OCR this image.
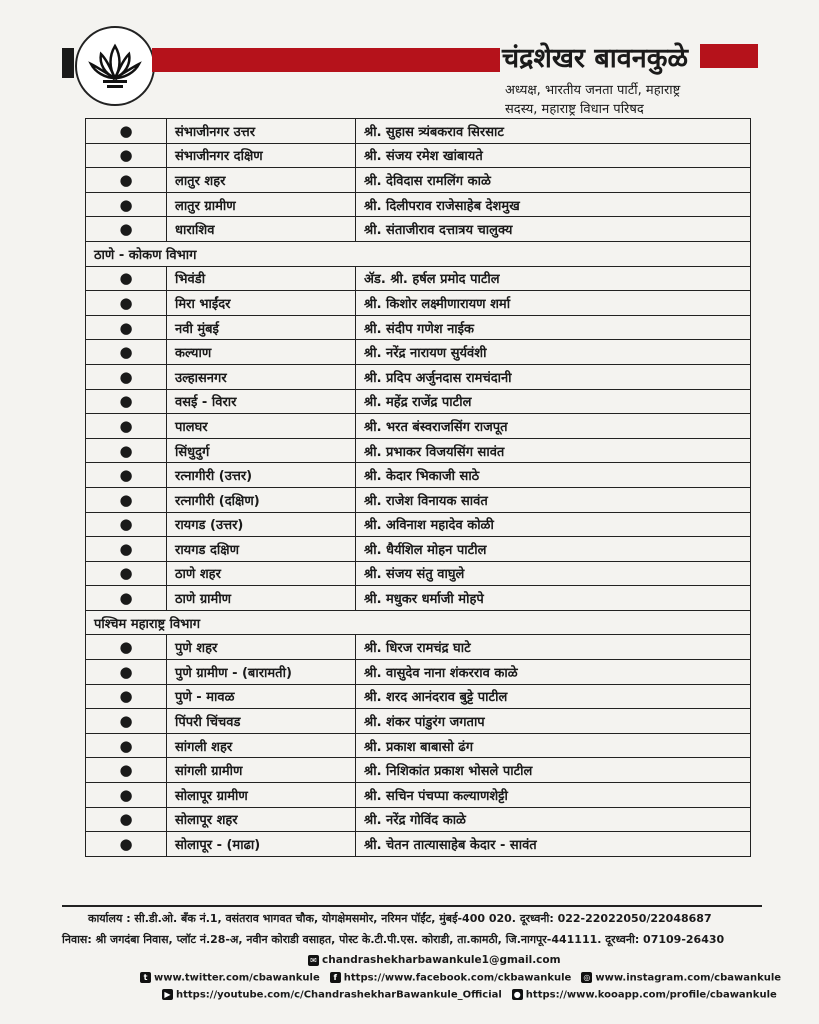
चंद्रशेखर बावनकुळे
अध्यक्ष, भारतीय जनता पार्टी, महाराष्ट्र
सदस्य, महाराष्ट्र विधान परिषद
●	संभाजीनगर उत्तर	श्री. सुहास त्र्यंबकराव सिरसाट
●	संभाजीनगर दक्षिण	श्री. संजय रमेश खांबायते
●	लातुर शहर	श्री. देविदास रामलिंग काळे
●	लातुर ग्रामीण	श्री. दिलीपराव राजेसाहेब देशमुख
●	धाराशिव	श्री. संताजीराव दत्तात्रय चालुक्य
ठाणे - कोकण विभाग		
●	भिवंडी	ॲड. श्री. हर्षल प्रमोद पाटील
●	मिरा भाईंदर	श्री. किशोर लक्ष्मीणारायण शर्मा
●	नवी मुंबई	श्री. संदीप गणेश नाईक
●	कल्याण	श्री. नरेंद्र नारायण सुर्यवंशी
●	उल्हासनगर	श्री. प्रदिप अर्जुनदास रामचंदानी
●	वसई - विरार	श्री. महेंद्र राजेंद्र पाटील
●	पालघर	श्री. भरत बंस्वराजसिंग राजपूत
●	सिंधुदुर्ग	श्री. प्रभाकर विजयसिंग सावंत
●	रत्नागीरी (उत्तर)	श्री. केदार भिकाजी साठे
●	रत्नागीरी (दक्षिण)	श्री. राजेश विनायक सावंत
●	रायगड (उत्तर)	श्री. अविनाश महादेव कोळी
●	रायगड दक्षिण	श्री. धैर्यशिल मोहन पाटील
●	ठाणे शहर	श्री. संजय संतु वाघुले
●	ठाणे ग्रामीण	श्री. मधुकर धर्माजी मोहपे
पश्चिम महाराष्ट्र विभाग		
●	पुणे शहर	श्री. धिरज रामचंद्र घाटे
●	पुणे ग्रामीण - (बारामती)	श्री. वासुदेव नाना शंकरराव काळे
●	पुणे - मावळ	श्री. शरद आनंदराव बुट्टे पाटील
●	पिंपरी चिंचवड	श्री. शंकर पांडुरंग जगताप
●	सांगली शहर	श्री. प्रकाश बाबासो ढंग
●	सांगली ग्रामीण	श्री. निशिकांत प्रकाश भोसले पाटील
●	सोलापूर ग्रामीण	श्री. सचिन पंचप्पा कल्याणशेट्टी
●	सोलापूर शहर	श्री. नरेंद्र गोविंद काळे
●	सोलापूर - (माढा)	श्री. चेतन तात्यासाहेब केदार - सावंत
कार्यालय : सी.डी.ओ. बँक नं.1, वसंतराव भागवत चौक, योगक्षेमसमोर, नरिमन पॉईंट, मुंबई-400 020. दूरध्वनी: 022-22022050/22048687
निवास: श्री जगदंबा निवास, प्लॉट नं.28-अ, नवीन कोराडी वसाहत, पोस्ट के.टी.पी.एस. कोराडी, ता.कामठी, जि.नागपूर-441111. दूरध्वनी: 07109-26430
✉ chandrashekharbawankule1@gmail.com
t www.twitter.com/cbawankule	f https://www.facebook.com/ckbawankule ◎ www.instagram.com/cbawankule
▶ https://youtube.com/c/ChandrashekharBawankule_Official ● https://www.kooapp.com/profile/cbawankule
